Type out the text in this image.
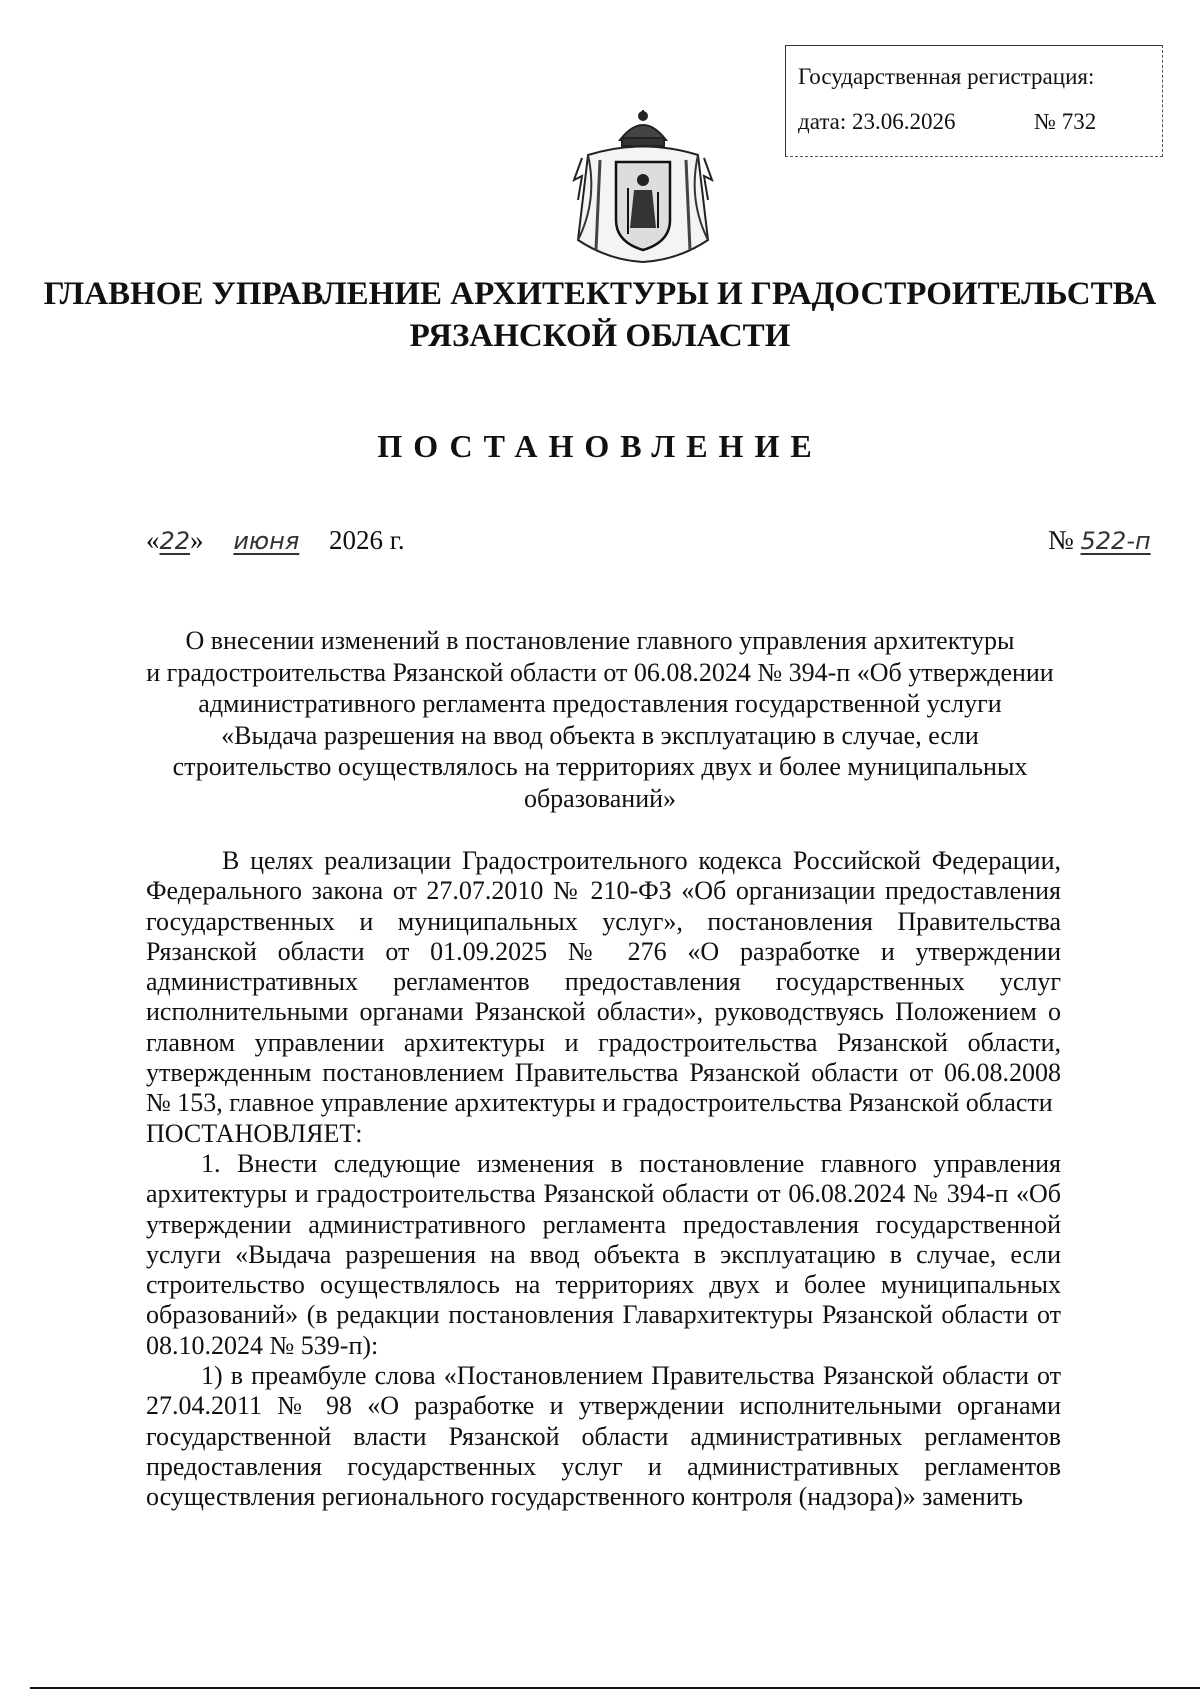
Государственная регистрация:
дата: 23.06.2026	№ 732
ГЛАВНОЕ УПРАВЛЕНИЕ АРХИТЕКТУРЫ И ГРАДОСТРОИТЕЛЬСТВА
РЯЗАНСКОЙ ОБЛАСТИ
ПОСТАНОВЛЕНИЕ
«22» июня 2026 г.	№ 522-п
О внесении изменений в постановление главного управления архитектуры
и градостроительства Рязанской области от 06.08.2024 № 394-п «Об утверждении
административного регламента предоставления государственной услуги
«Выдача разрешения на ввод объекта в эксплуатацию в случае, если
строительство осуществлялось на территориях двух и более муниципальных
образований»

В целях реализации Градостроительного кодекса Российской Федерации, Федерального закона от 27.07.2010 № 210-ФЗ «Об организации предоставления государственных и муниципальных услуг», постановления Правительства Рязанской области от 01.09.2025 № 276 «О разработке и утверждении административных регламентов предоставления государственных услуг исполнительными органами Рязанской области», руководствуясь Положением о главном управлении архитектуры и градостроительства Рязанской области, утвержденным постановлением Правительства Рязанской области от 06.08.2008 № 153, главное управление архитектуры и градостроительства Рязанской области

ПОСТАНОВЛЯЕТ:

1. Внести следующие изменения в постановление главного управления архитектуры и градостроительства Рязанской области от 06.08.2024 № 394-п «Об утверждении административного регламента предоставления государственной услуги «Выдача разрешения на ввод объекта в эксплуатацию в случае, если строительство осуществлялось на территориях двух и более муниципальных образований» (в редакции постановления Главархитектуры Рязанской области от 08.10.2024 № 539-п):

1) в преамбуле слова «Постановлением Правительства Рязанской области от 27.04.2011 № 98 «О разработке и утверждении исполнительными органами государственной власти Рязанской области административных регламентов предоставления государственных услуг и административных регламентов осуществления регионального государственного контроля (надзора)» заменить
